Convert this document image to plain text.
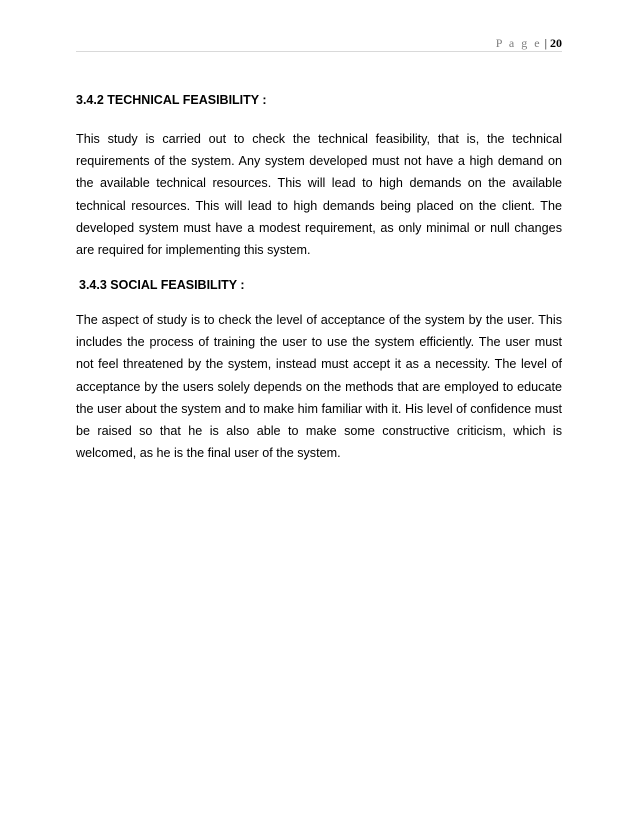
P a g e | 20
3.4.2 TECHNICAL FEASIBILITY :

This study is carried out to check the technical feasibility, that is, the technical requirements of the system. Any system developed must not have a high demand on the available technical resources. This will lead to high demands on the available technical resources. This will lead to high demands being placed on the client. The developed system must have a modest requirement, as only minimal or null changes are required for implementing this system.

3.4.3 SOCIAL FEASIBILITY :

The aspect of study is to check the level of acceptance of the system by the user. This includes the process of training the user to use the system efficiently. The user must not feel threatened by the system, instead must accept it as a necessity. The level of acceptance by the users solely depends on the methods that are employed to educate the user about the system and to make him familiar with it. His level of confidence must be raised so that he is also able to make some constructive criticism, which is welcomed, as he is the final user of the system.
